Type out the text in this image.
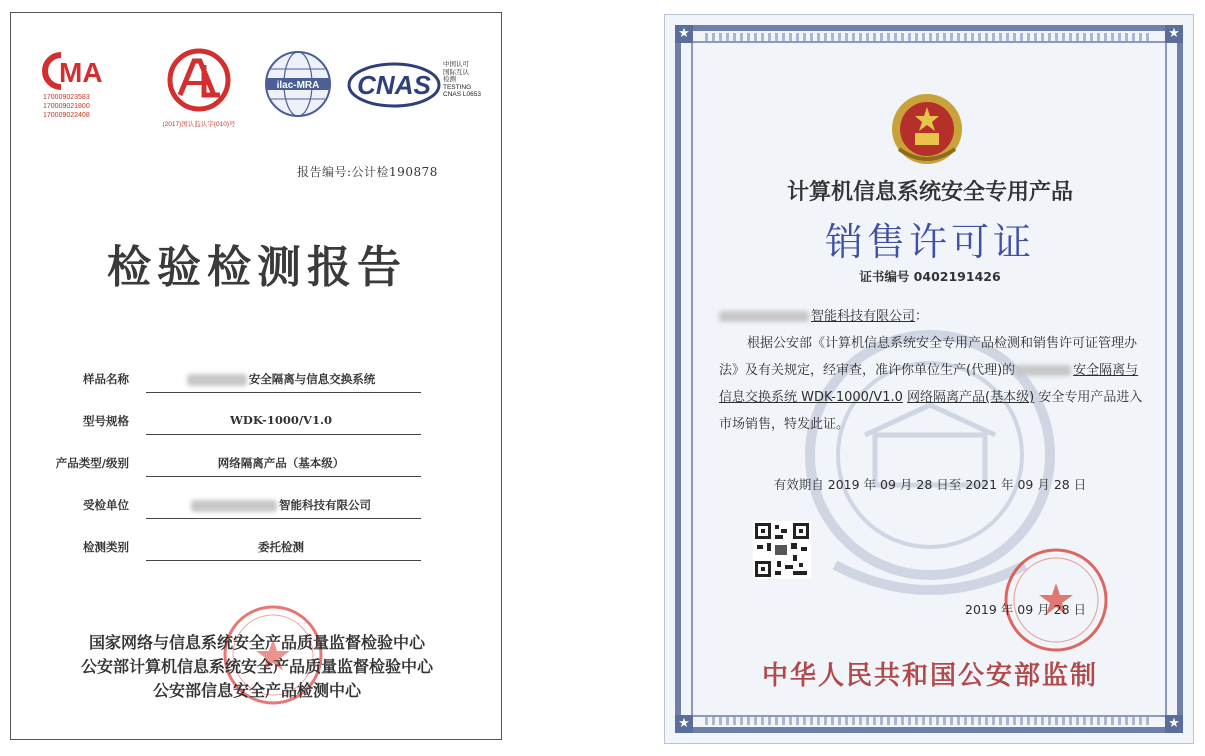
MA
170009023583
170009021800
170009022408
(2017)国认监认字(010)号
ilac-MRA CNAS
中国认可
国际互认
检测
TESTING
CNAS L0653
报告编号:公计检190878
检验检测报告
样品名称	安全隔离与信息交换系统
型号规格	WDK-1000/V1.0
产品类型/级别	网络隔离产品（基本级）
受检单位	智能科技有限公司
检测类别	委托检测
国家网络与信息系统安全产品质量监督检验中心
公安部计算机信息系统安全产品质量监督检验中心
公安部信息安全产品检测中心
★	★
★	★
计算机信息系统安全专用产品
销售许可证
证书编号 0402191426
智能科技有限公司：
根据公安部《计算机信息系统安全专用产品检测和销售许可证管理办法》及有关规定，经审查，准许你单位生产(代理)的	安全隔离与信息交换系统 WDK-1000/V1.0 网络隔离产品(基本级) 安全专用产品进入市场销售，特发此证。
有效期自 2019 年 09 月 28 日至 2021 年 09 月 28 日
2019 年 09 月 28 日
中华人民共和国公安部监制
